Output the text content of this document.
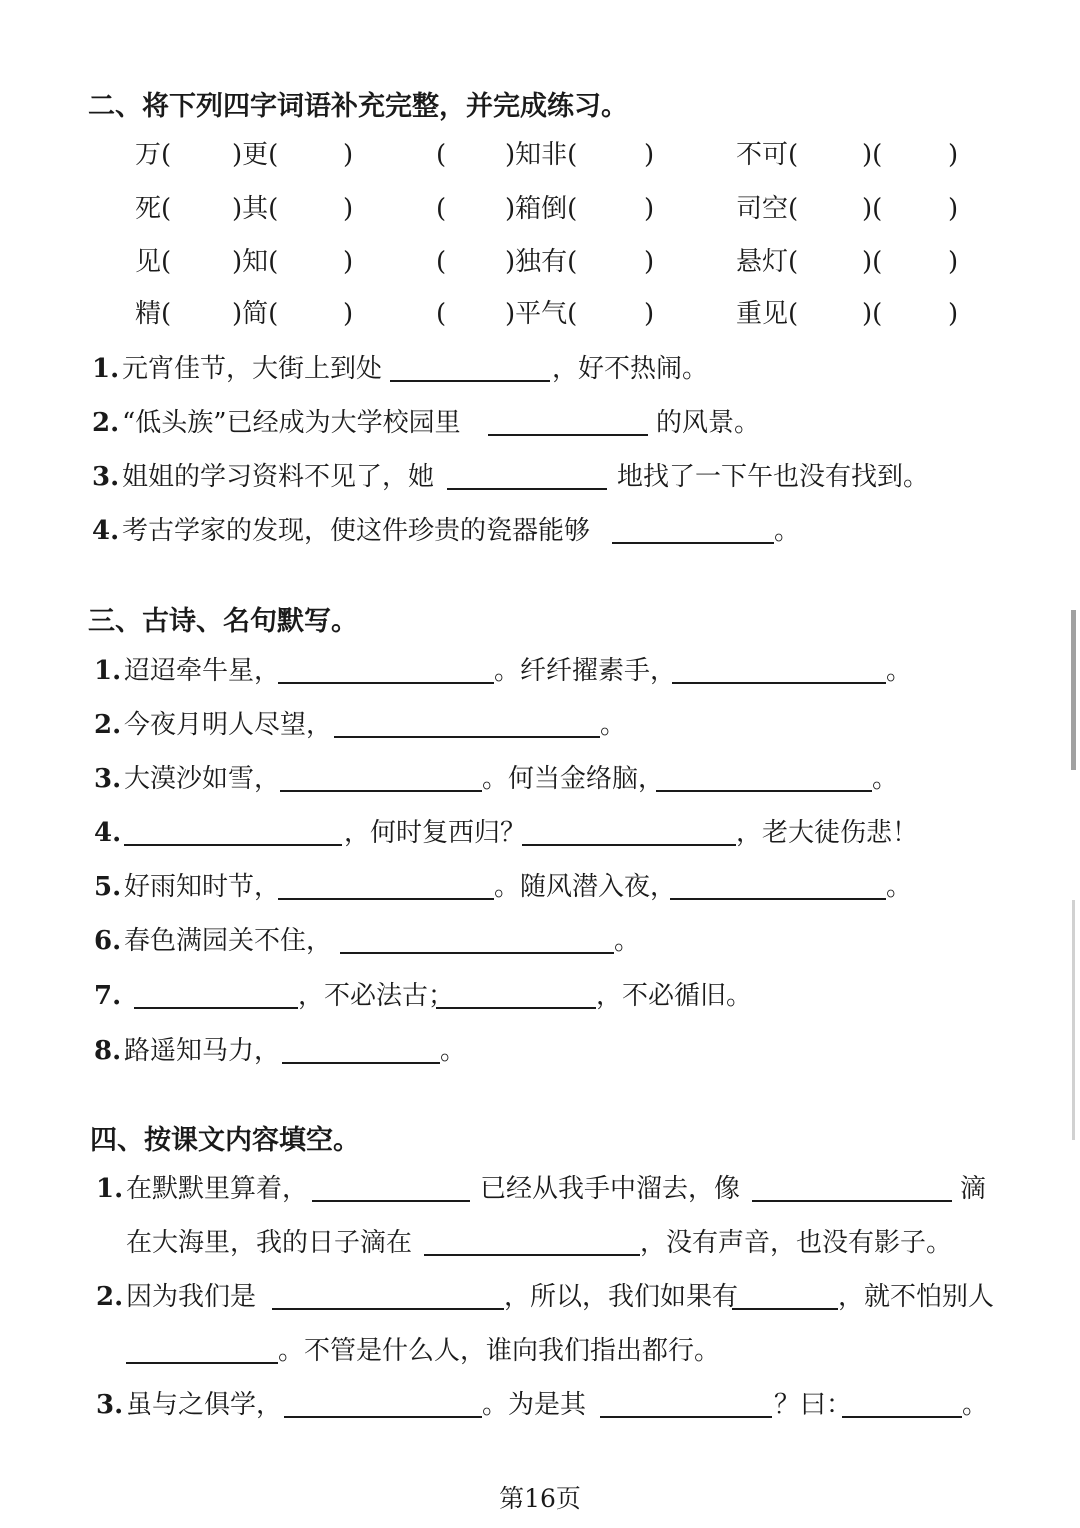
二、将下列四字词语补充完整，并完成练习。
万( )更( )	( )知非(	)	不可( )(	)
死( )其( )	( )箱倒(	)	司空( )(	)
见( )知( )	( )独有(	)	悬灯( )(	)
精( )简( )	( )平气(	)	重见( )(	)
1. 元宵佳节，大街上到处	，好不热闹。
2. “低头族”已经成为大学校园里	的风景。
3. 姐姐的学习资料不见了，她	地找了一下午也没有找到。
4. 考古学家的发现，使这件珍贵的瓷器能够	。
三、古诗、名句默写。
1. 迢迢牵牛星，	。纤纤擢素手，	。
2. 今夜月明人尽望，	。
3. 大漠沙如雪，	。何当金络脑，	。
4.	，何时复西归？	，老大徒伤悲！
5. 好雨知时节，	。随风潜入夜，	。
6. 春色满园关不住，	。
7.	，不必法古；	，不必循旧。
8. 路遥知马力，	。
四、按课文内容填空。
1. 在默默里算着，	已经从我手中溜去，像	滴
在大海里，我的日子滴在	，没有声音，也没有影子。
2. 因为我们是	，所以，我们如果有	，就不怕别人
。不管是什么人，谁向我们指出都行。
3. 虽与之俱学，	。为是其	？曰：	。
第16页
